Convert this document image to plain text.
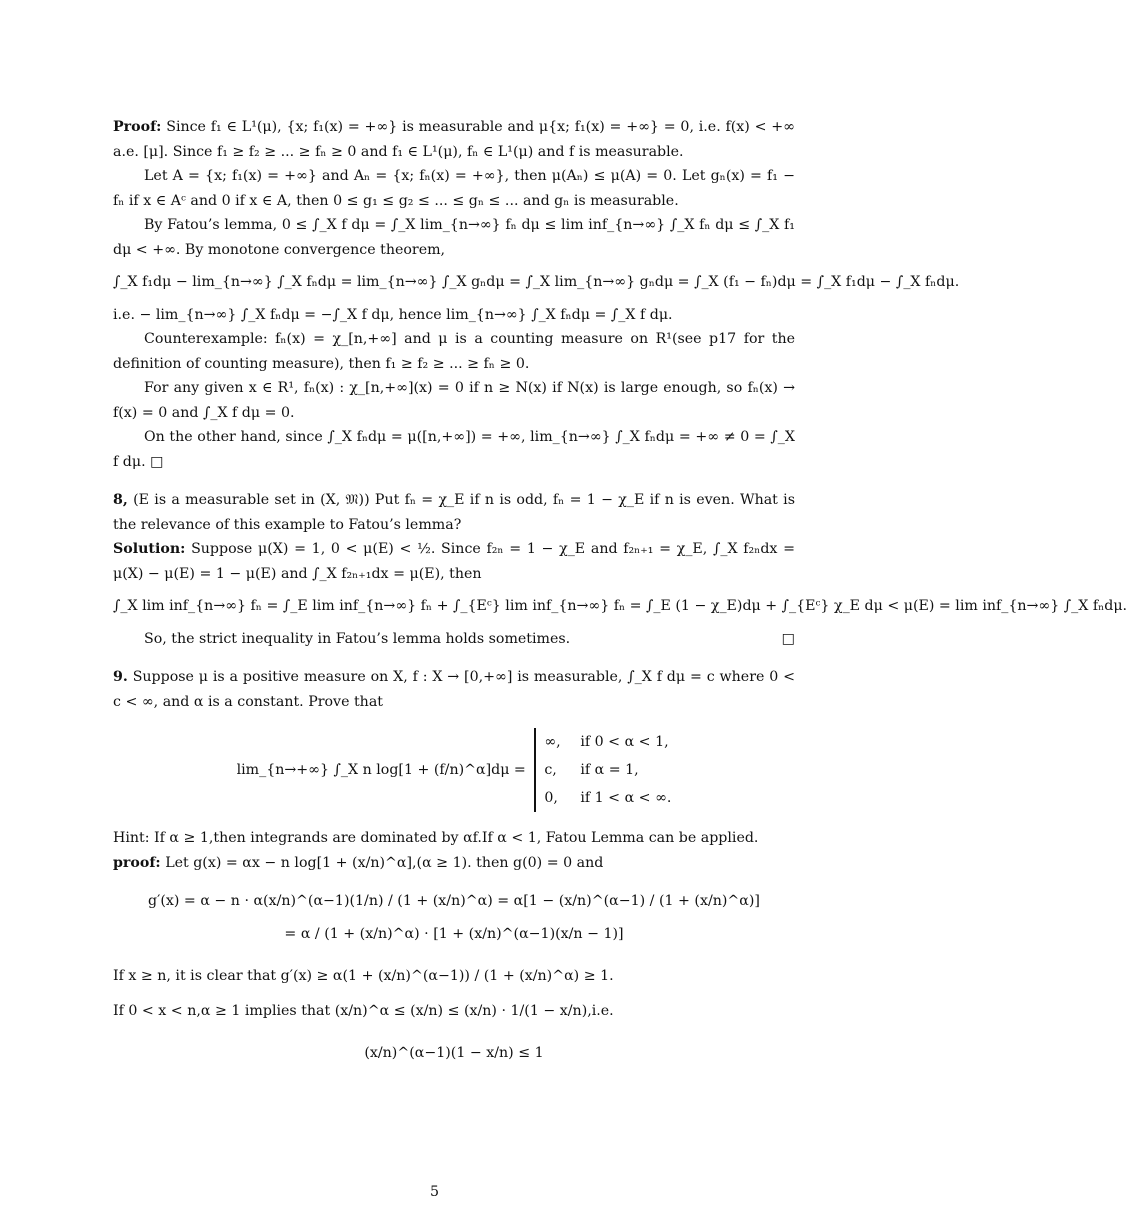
Proof: Since f₁ ∈ L¹(μ), {x; f₁(x) = +∞} is measurable and μ{x; f₁(x) = +∞} = 0, i.e. f(x) < +∞ a.e. [μ]. Since f₁ ≥ f₂ ≥ ... ≥ fₙ ≥ 0 and f₁ ∈ L¹(μ), fₙ ∈ L¹(μ) and f is measurable.

Let A = {x; f₁(x) = +∞} and Aₙ = {x; fₙ(x) = +∞}, then μ(Aₙ) ≤ μ(A) = 0. Let gₙ(x) = f₁ − fₙ if x ∈ Aᶜ and 0 if x ∈ A, then 0 ≤ g₁ ≤ g₂ ≤ ... ≤ gₙ ≤ ... and gₙ is measurable.

By Fatou’s lemma, 0 ≤ ∫_X f dμ = ∫_X lim_{n→∞} fₙ dμ ≤ lim inf_{n→∞} ∫_X fₙ dμ ≤ ∫_X f₁ dμ < +∞. By monotone convergence theorem,

∫_X f₁dμ − lim_{n→∞} ∫_X fₙdμ = lim_{n→∞} ∫_X gₙdμ = ∫_X lim_{n→∞} gₙdμ = ∫_X (f₁ − fₙ)dμ = ∫_X f₁dμ − ∫_X fₙdμ.

i.e. − lim_{n→∞} ∫_X fₙdμ = −∫_X f dμ, hence lim_{n→∞} ∫_X fₙdμ = ∫_X f dμ.

Counterexample: fₙ(x) = χ_[n,+∞] and μ is a counting measure on R¹(see p17 for the definition of counting measure), then f₁ ≥ f₂ ≥ ... ≥ fₙ ≥ 0.

For any given x ∈ R¹, fₙ(x) : χ_[n,+∞](x) = 0 if n ≥ N(x) if N(x) is large enough, so fₙ(x) → f(x) = 0 and ∫_X f dμ = 0.

On the other hand, since ∫_X fₙdμ = μ([n,+∞]) = +∞, lim_{n→∞} ∫_X fₙdμ = +∞ ≠ 0 = ∫_X f dμ. □

8, (E is a measurable set in (X, 𝔐)) Put fₙ = χ_E if n is odd, fₙ = 1 − χ_E if n is even. What is the relevance of this example to Fatou’s lemma?

Solution: Suppose μ(X) = 1, 0 < μ(E) < ½. Since f₂ₙ = 1 − χ_E and f₂ₙ₊₁ = χ_E, ∫_X f₂ₙdx = μ(X) − μ(E) = 1 − μ(E) and ∫_X f₂ₙ₊₁dx = μ(E), then

∫_X lim inf_{n→∞} fₙ = ∫_E lim inf_{n→∞} fₙ + ∫_{Eᶜ} lim inf_{n→∞} fₙ = ∫_E (1 − χ_E)dμ + ∫_{Eᶜ} χ_E dμ < μ(E) = lim inf_{n→∞} ∫_X fₙdμ.

So, the strict inequality in Fatou’s lemma holds sometimes.	□

9. Suppose μ is a positive measure on X, f : X → [0,+∞] is measurable, ∫_X f dμ = c where 0 < c < ∞, and α is a constant. Prove that

lim_{n→+∞} ∫_X n log[1 + (f/n)^α]dμ = ∞, if 0 < α < 1,
c, if α = 1,
0, if 1 < α < ∞.

Hint: If α ≥ 1,then integrands are dominated by αf.If α < 1, Fatou Lemma can be applied.

proof: Let g(x) = αx − n log[1 + (x/n)^α],(α ≥ 1). then g(0) = 0 and

g′(x) = α − n · α(x/n)^(α−1)(1/n) / (1 + (x/n)^α) = α[1 − (x/n)^(α−1) / (1 + (x/n)^α)]
= α / (1 + (x/n)^α) · [1 + (x/n)^(α−1)(x/n − 1)]

If x ≥ n, it is clear that g′(x) ≥ α(1 + (x/n)^(α−1)) / (1 + (x/n)^α) ≥ 1.

If 0 < x < n,α ≥ 1 implies that (x/n)^α ≤ (x/n) ≤ (x/n) · 1/(1 − x/n),i.e.

(x/n)^(α−1)(1 − x/n) ≤ 1
5
